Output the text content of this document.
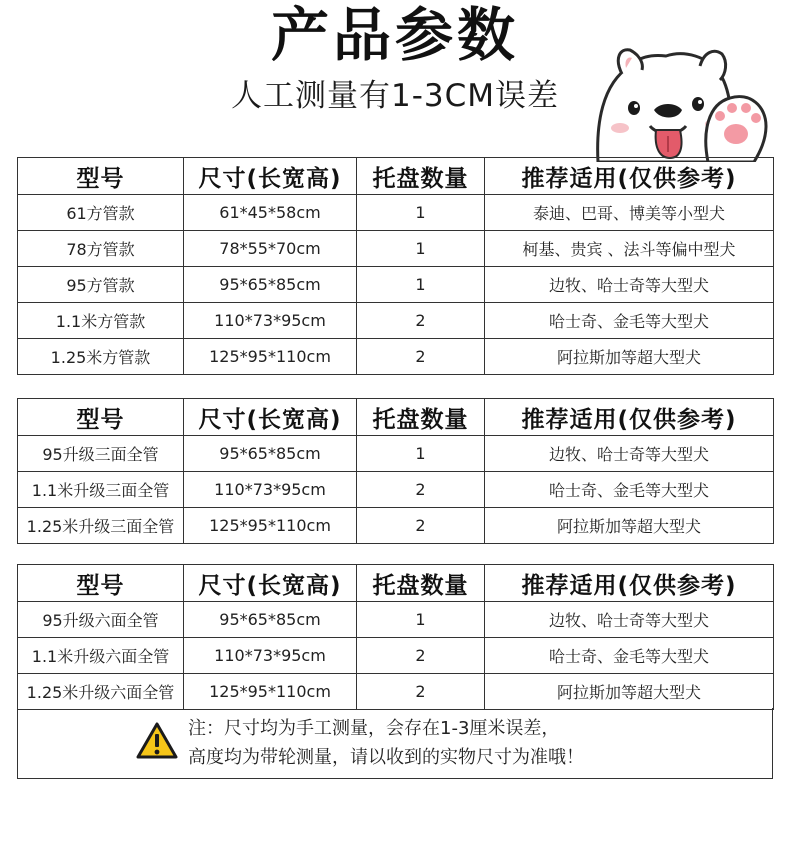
产品参数
人工测量有1-3CM误差
型号	尺寸(长宽高)	托盘数量	推荐适用(仅供参考)
61方管款	61*45*58cm	1	泰迪、巴哥、博美等小型犬
78方管款	78*55*70cm	1	柯基、贵宾 、法斗等偏中型犬
95方管款	95*65*85cm	1	边牧、哈士奇等大型犬
1.1米方管款	110*73*95cm	2	哈士奇、金毛等大型犬
1.25米方管款	125*95*110cm	2	阿拉斯加等超大型犬
型号	尺寸(长宽高)	托盘数量	推荐适用(仅供参考)
95升级三面全管	95*65*85cm	1	边牧、哈士奇等大型犬
1.1米升级三面全管	110*73*95cm	2	哈士奇、金毛等大型犬
1.25米升级三面全管	125*95*110cm	2	阿拉斯加等超大型犬
型号	尺寸(长宽高)	托盘数量	推荐适用(仅供参考)
95升级六面全管	95*65*85cm	1	边牧、哈士奇等大型犬
1.1米升级六面全管	110*73*95cm	2	哈士奇、金毛等大型犬
1.25米升级六面全管	125*95*110cm	2	阿拉斯加等超大型犬
注：尺寸均为手工测量，会存在1-3厘米误差，
高度均为带轮测量，请以收到的实物尺寸为准哦！
